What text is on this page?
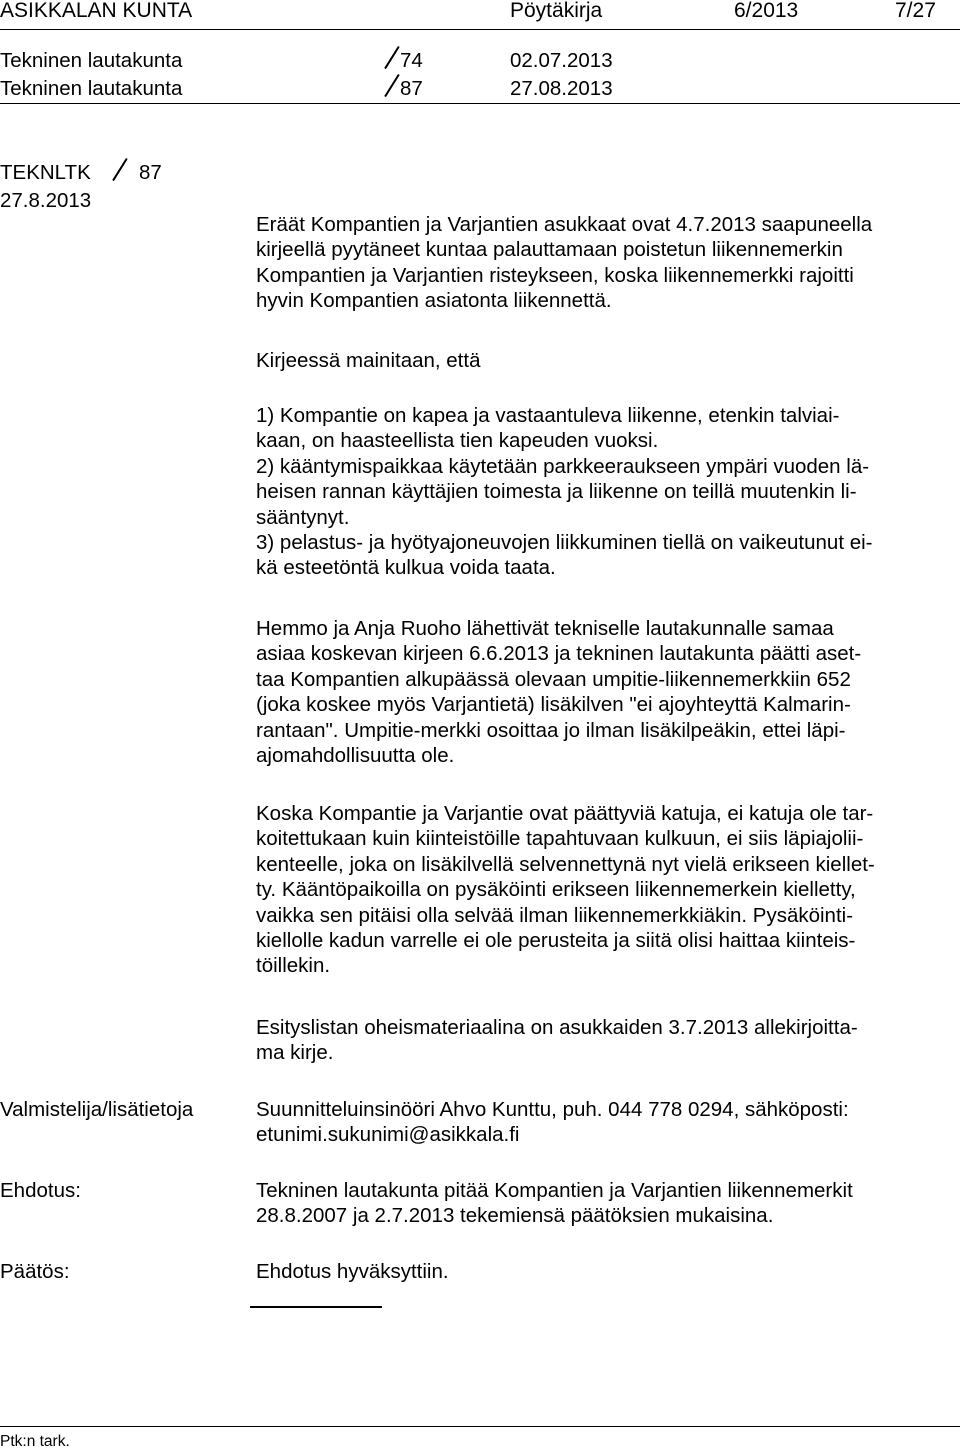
ASIKKALAN KUNTA	Pöytäkirja	6/2013	7/27
Tekninen lautakunta	74	02.07.2013
Tekninen lautakunta	87	27.08.2013
TEKNLTK 87
27.8.2013
Eräät Kompantien ja Varjantien asukkaat ovat 4.7.2013 saapuneella
kirjeellä pyytäneet kuntaa palauttamaan poistetun liikennemerkin
Kompantien ja Varjantien risteykseen, koska liikennemerkki rajoitti
hyvin Kompantien asiatonta liikennettä.
Kirjeessä mainitaan, että
1) Kompantie on kapea ja vastaantuleva liikenne, etenkin talviai-
kaan, on haasteellista tien kapeuden vuoksi.
2) kääntymispaikkaa käytetään parkkeeraukseen ympäri vuoden lä-
heisen rannan käyttäjien toimesta ja liikenne on teillä muutenkin li-
sääntynyt.
3) pelastus- ja hyötyajoneuvojen liikkuminen tiellä on vaikeutunut ei-
kä esteetöntä kulkua voida taata.
Hemmo ja Anja Ruoho lähettivät tekniselle lautakunnalle samaa
asiaa koskevan kirjeen 6.6.2013 ja tekninen lautakunta päätti aset-
taa Kompantien alkupäässä olevaan umpitie-liikennemerkkiin 652
(joka koskee myös Varjantietä) lisäkilven "ei ajoyhteyttä Kalmarin-
rantaan". Umpitie-merkki osoittaa jo ilman lisäkilpeäkin, ettei läpi-
ajomahdollisuutta ole.
Koska Kompantie ja Varjantie ovat päättyviä katuja, ei katuja ole tar-
koitettukaan kuin kiinteistöille tapahtuvaan kulkuun, ei siis läpiajolii-
kenteelle, joka on lisäkilvellä selvennettynä nyt vielä erikseen kiellet-
ty. Kääntöpaikoilla on pysäköinti erikseen liikennemerkein kielletty,
vaikka sen pitäisi olla selvää ilman liikennemerkkiäkin. Pysäköinti-
kiellolle kadun varrelle ei ole perusteita ja siitä olisi haittaa kiinteis-
töillekin.
Esityslistan oheismateriaalina on asukkaiden 3.7.2013 allekirjoitta-
ma kirje.
Valmistelija/lisätietoja	Suunnitteluinsinööri Ahvo Kunttu, puh. 044 778 0294, sähköposti:
etunimi.sukunimi@asikkala.fi
Ehdotus:	Tekninen lautakunta pitää Kompantien ja Varjantien liikennemerkit
28.8.2007 ja 2.7.2013 tekemiensä päätöksien mukaisina.
Päätös:	Ehdotus hyväksyttiin.
Ptk:n tark.
